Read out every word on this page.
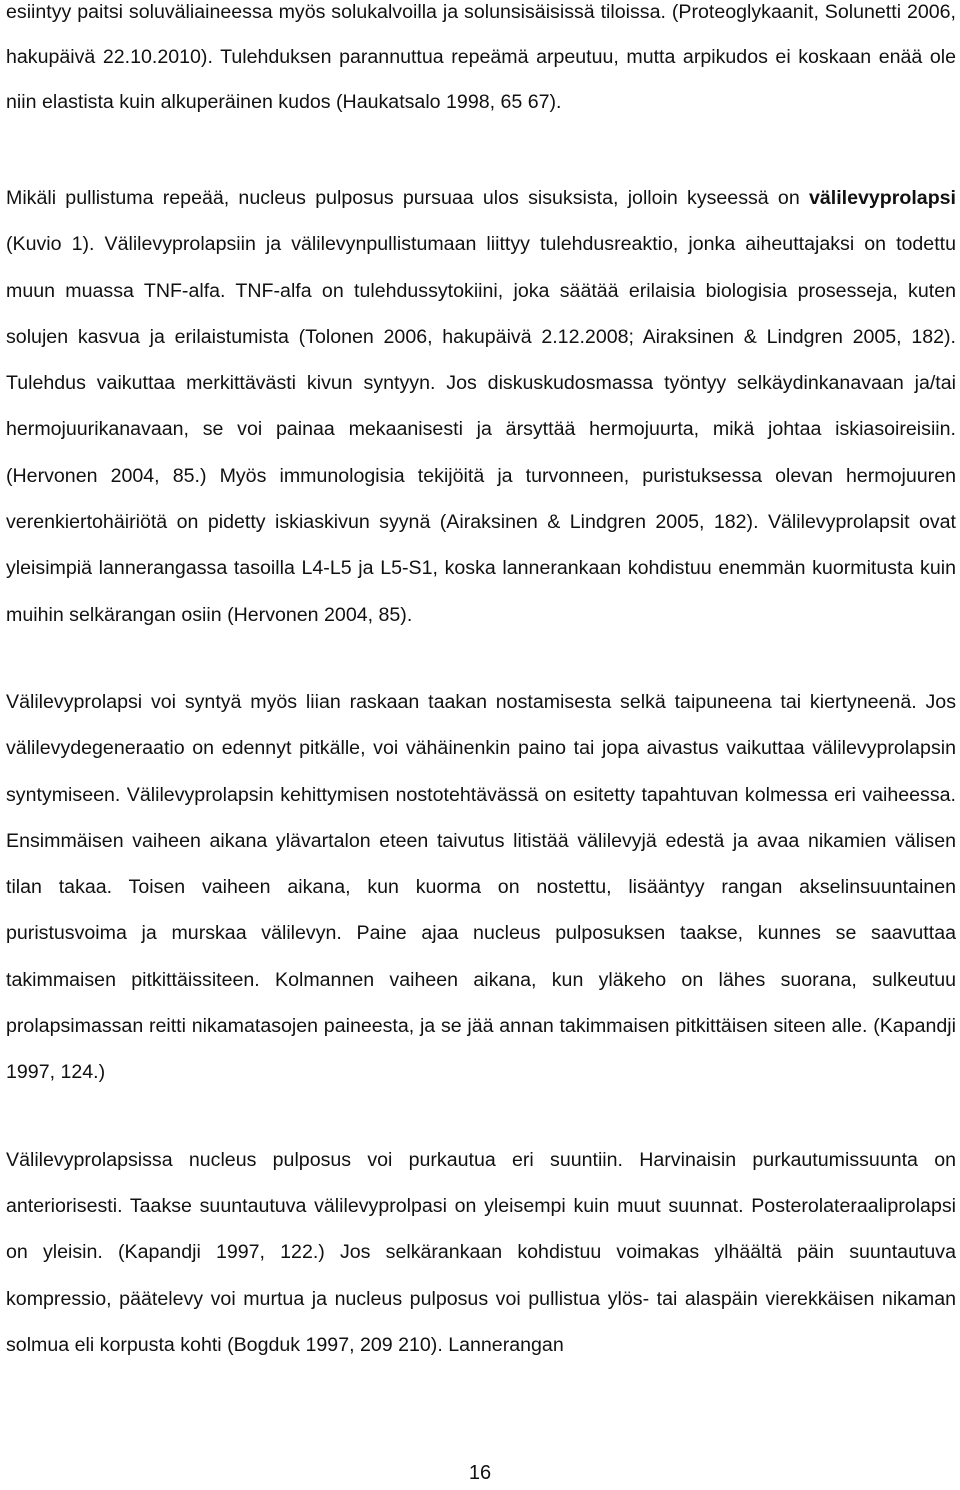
esiintyy paitsi soluväliaineessa myös solukalvoilla ja solunsisäisissä tiloissa. (Proteoglykaanit, Solunetti 2006, hakupäivä 22.10.2010). Tulehduksen parannuttua repeämä arpeutuu, mutta arpikudos ei koskaan enää ole niin elastista kuin alkuperäinen kudos (Haukatsalo 1998, 65 67).

Mikäli pullistuma repeää, nucleus pulposus pursuaa ulos sisuksista, jolloin kyseessä on välilevyprolapsi (Kuvio 1). Välilevyprolapsiin ja välilevynpullistumaan liittyy tulehdusreaktio, jonka aiheuttajaksi on todettu muun muassa TNF-alfa. TNF-alfa on tulehdussytokiini, joka säätää erilaisia biologisia prosesseja, kuten solujen kasvua ja erilaistumista (Tolonen 2006, hakupäivä 2.12.2008; Airaksinen & Lindgren 2005, 182). Tulehdus vaikuttaa merkittävästi kivun syntyyn. Jos diskuskudosmassa työntyy selkäydinkanavaan ja/tai hermojuurikanavaan, se voi painaa mekaanisesti ja ärsyttää hermojuurta, mikä johtaa iskiasoireisiin. (Hervonen 2004, 85.) Myös immunologisia tekijöitä ja turvonneen, puristuksessa olevan hermojuuren verenkiertohäiriötä on pidetty iskiaskivun syynä (Airaksinen & Lindgren 2005, 182). Välilevyprolapsit ovat yleisimpiä lannerangassa tasoilla L4-L5 ja L5-S1, koska lannerankaan kohdistuu enemmän kuormitusta kuin muihin selkärangan osiin (Hervonen 2004, 85).

Välilevyprolapsi voi syntyä myös liian raskaan taakan nostamisesta selkä taipuneena tai kiertyneenä. Jos välilevydegeneraatio on edennyt pitkälle, voi vähäinenkin paino tai jopa aivastus vaikuttaa välilevyprolapsin syntymiseen. Välilevyprolapsin kehittymisen nostotehtävässä on esitetty tapahtuvan kolmessa eri vaiheessa. Ensimmäisen vaiheen aikana ylävartalon eteen taivutus litistää välilevyjä edestä ja avaa nikamien välisen tilan takaa. Toisen vaiheen aikana, kun kuorma on nostettu, lisääntyy rangan akselinsuuntainen puristusvoima ja murskaa välilevyn. Paine ajaa nucleus pulposuksen taakse, kunnes se saavuttaa takimmaisen pitkittäissiteen. Kolmannen vaiheen aikana, kun yläkeho on lähes suorana, sulkeutuu prolapsimassan reitti nikamatasojen paineesta, ja se jää annan takimmaisen pitkittäisen siteen alle. (Kapandji 1997, 124.)

Välilevyprolapsissa nucleus pulposus voi purkautua eri suuntiin. Harvinaisin purkautumissuunta on anteriorisesti. Taakse suuntautuva välilevyprolpasi on yleisempi kuin muut suunnat. Posterolateraaliprolapsi on yleisin. (Kapandji 1997, 122.) Jos selkärankaan kohdistuu voimakas ylhäältä päin suuntautuva kompressio, päätelevy voi murtua ja nucleus pulposus voi pullistua ylös- tai alaspäin vierekkäisen nikaman solmua eli korpusta kohti (Bogduk 1997, 209 210). Lannerangan

16
